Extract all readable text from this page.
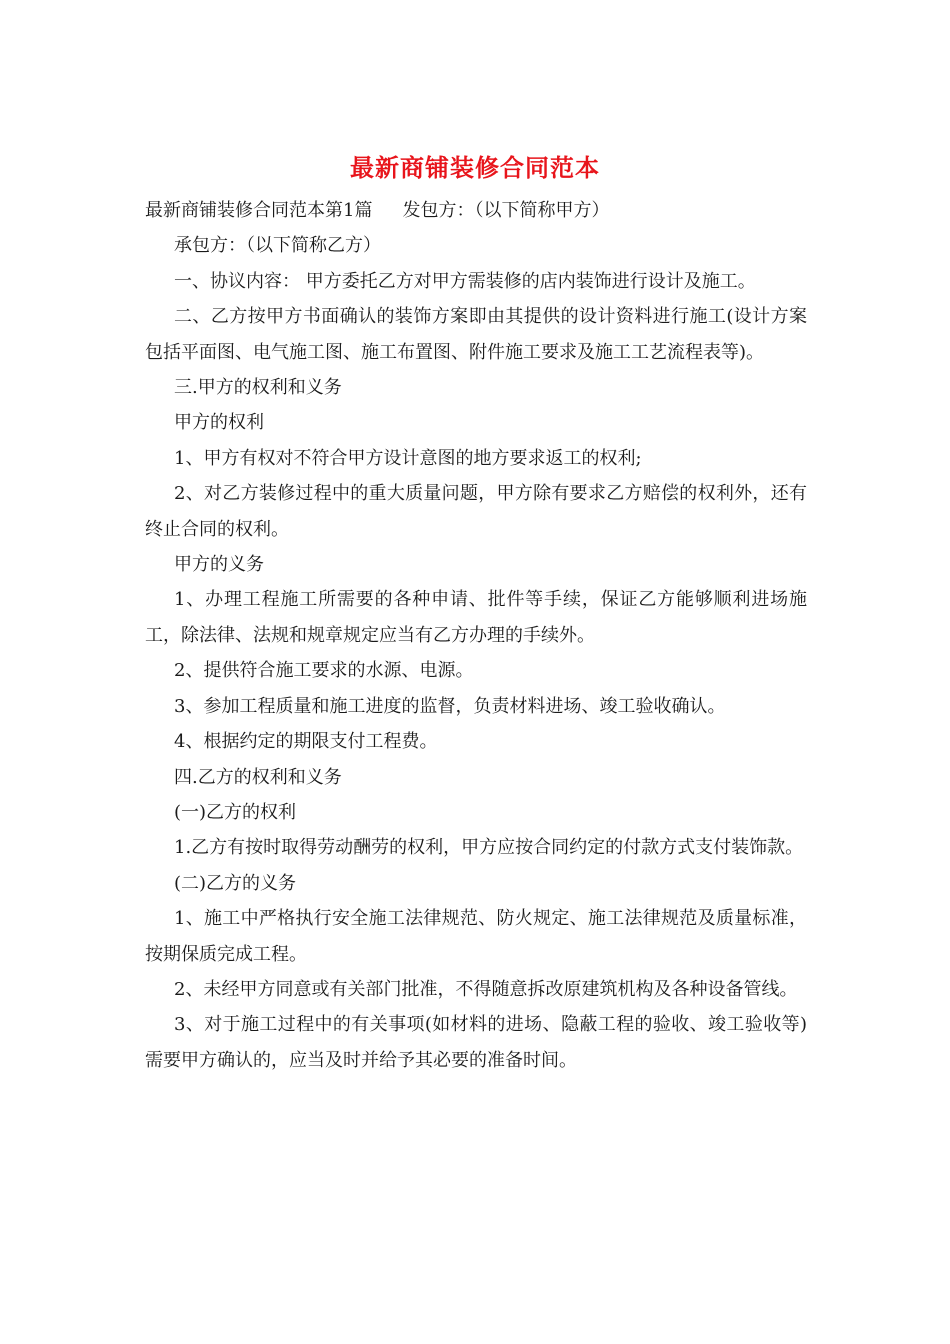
最新商铺装修合同范本

最新商铺装修合同范本第1篇 发包方：（以下简称甲方）

承包方：（以下简称乙方）

一、协议内容： 甲方委托乙方对甲方需装修的店内装饰进行设计及施工。

二、乙方按甲方书面确认的装饰方案即由其提供的设计资料进行施工(设计方案包括平面图、电气施工图、施工布置图、附件施工要求及施工工艺流程表等)。

三.甲方的权利和义务

甲方的权利

1、甲方有权对不符合甲方设计意图的地方要求返工的权利;

2、对乙方装修过程中的重大质量问题，甲方除有要求乙方赔偿的权利外，还有终止合同的权利。

甲方的义务

1、办理工程施工所需要的各种申请、批件等手续，保证乙方能够顺利进场施工，除法律、法规和规章规定应当有乙方办理的手续外。

2、提供符合施工要求的水源、电源。

3、参加工程质量和施工进度的监督，负责材料进场、竣工验收确认。

4、根据约定的期限支付工程费。

四.乙方的权利和义务

(一)乙方的权利

1.乙方有按时取得劳动酬劳的权利，甲方应按合同约定的付款方式支付装饰款。

(二)乙方的义务

1、施工中严格执行安全施工法律规范、防火规定、施工法律规范及质量标准，按期保质完成工程。

2、未经甲方同意或有关部门批准，不得随意拆改原建筑机构及各种设备管线。

3、对于施工过程中的有关事项(如材料的进场、隐蔽工程的验收、竣工验收等)需要甲方确认的，应当及时并给予其必要的准备时间。
